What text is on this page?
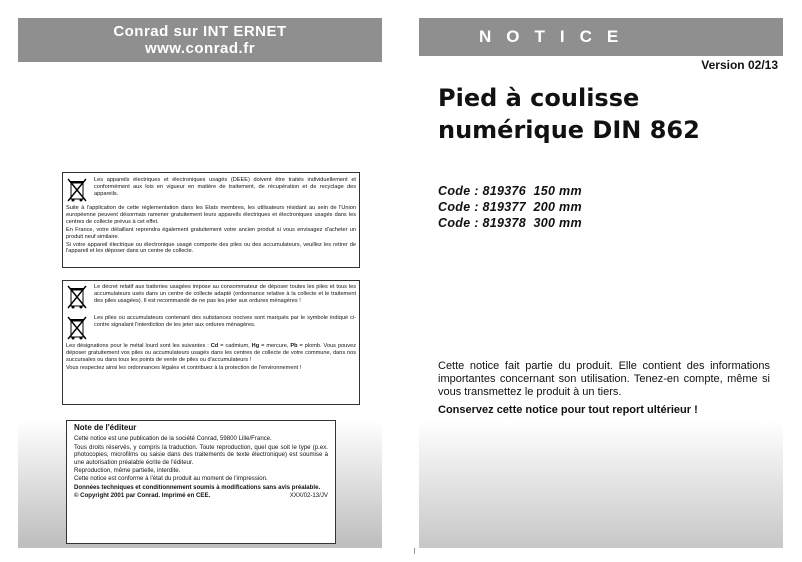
Conrad sur INT ERNET
www.conrad.fr
Les appareils électriques et électroniques usagés (DEEE) doivent être traités individuellement et conformément aux lois en vigueur en matière de traitement, de récupération et de recyclage des appareils.
Suite à l'application de cette réglementation dans les Etats membres, les utilisateurs résidant au sein de l'Union européenne peuvent désormais ramener gratuitement leurs appareils électriques et électroniques usagés dans les centres de collecte prévus à cet effet.
En France, votre détaillant reprendra également gratuitement votre ancien produit si vous envisagez d'acheter un produit neuf similaire.
Si votre appareil électrique ou électronique usagé comporte des piles ou des accumulateurs, veuillez les retirer de l'appareil et les déposer dans un centre de collecte.
Le décret relatif aux batteries usagées impose au consommateur de déposer toutes les piles et tous les accumulateurs usés dans un centre de collecte adapté (ordonnance relative à la collecte et le traitement des piles usagées). Il est recommandé de ne pas les jeter aux ordures ménagères !
Les piles ou accumulateurs contenant des substances nocives sont marqués par le symbole indiqué ci-contre signalant l'interdiction de les jeter aux ordures ménagères.
Les désignations pour le métal lourd sont les suivantes : Cd = cadmium, Hg = mercure, Pb = plomb. Vous pouvez déposer gratuitement vos piles ou accumulateurs usagés dans les centres de collecte de votre commune, dans nos succursales ou dans tous les points de vente de piles ou d'accumulateurs !
Vous respectez ainsi les ordonnances légales et contribuez à la protection de l'environnement !
Note de l'éditeur
Cette notice est une publication de la société Conrad, 59800 Lille/France.
Tous droits réservés, y compris la traduction. Toute reproduction, quel que soit le type (p.ex. photocopies, microfilms ou saisie dans des traitements de texte électronique) est soumise à une autorisation préalable écrite de l'éditeur.
Reproduction, même partielle, interdite.
Cette notice est conforme à l'état du produit au moment de l'impression.
Données techniques et conditionnement soumis à modifications sans avis préalable.
© Copyright 2001 par Conrad. Imprimé en CEE.	XXX/02-13/JV
NOTICE
Version 02/13
Pied à coulisse
numérique DIN 862
Code : 819376  150 mm
Code : 819377  200 mm
Code : 819378  300 mm
Cette notice fait partie du produit. Elle contient des informations importantes concernant son utilisation. Tenez-en compte, même si vous transmettez le produit à un tiers.
Conservez cette notice pour tout report ultérieur !
